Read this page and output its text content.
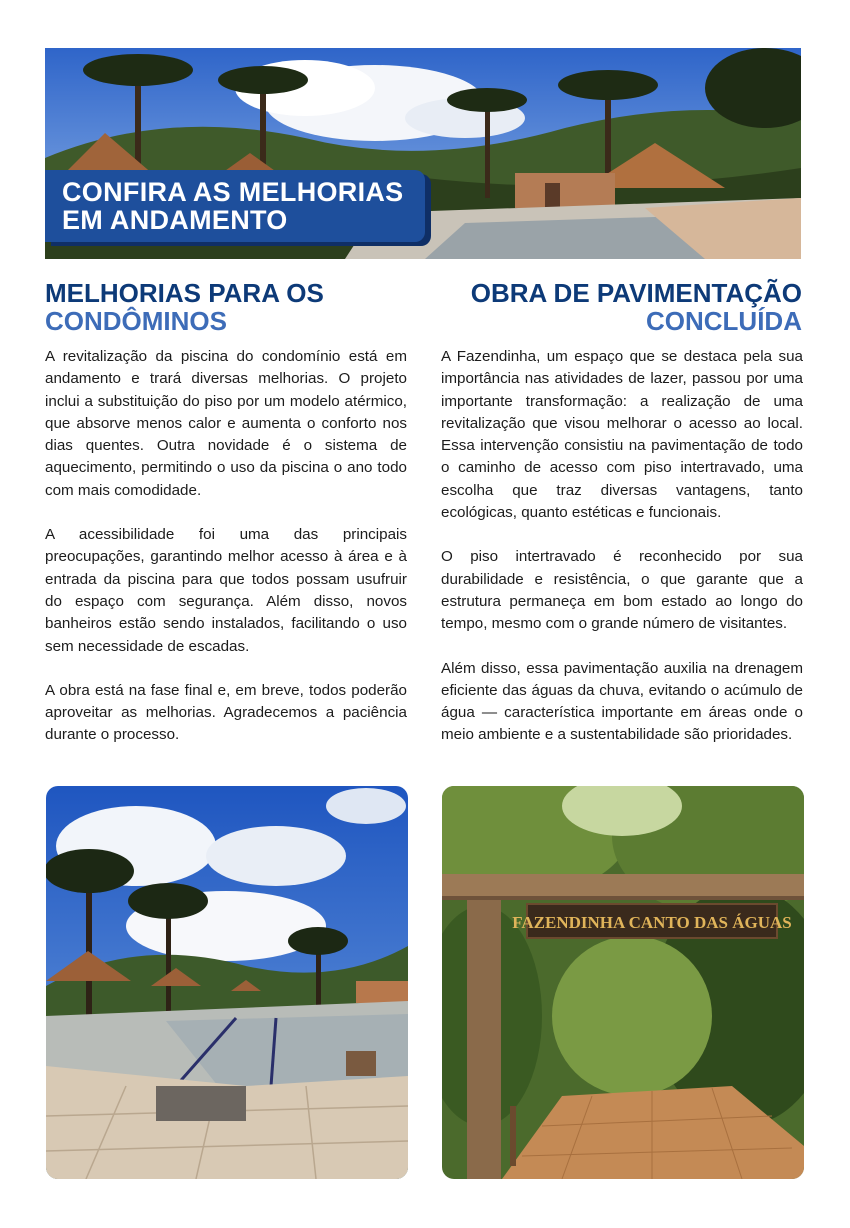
CONFIRA AS MELHORIAS
EM ANDAMENTO
MELHORIAS PARA OS
CONDÔMINOS
OBRA DE PAVIMENTAÇÃO
CONCLUÍDA

A revitalização da piscina do condomínio está em andamento e trará diversas melhorias. O projeto inclui a substituição do piso por um modelo atérmico, que absorve menos calor e aumenta o conforto nos dias quentes. Outra novidade é o sistema de aquecimento, permitindo o uso da piscina o ano todo com mais comodidade.

A acessibilidade foi uma das principais preocupações, garantindo melhor acesso à área e à entrada da piscina para que todos possam usufruir do espaço com segurança. Além disso, novos banheiros estão sendo instalados, facilitando o uso sem necessidade de escadas.

A obra está na fase final e, em breve, todos poderão aproveitar as melhorias. Agradecemos a paciência durante o processo.

A Fazendinha, um espaço que se destaca pela sua importância nas atividades de lazer, passou por uma importante transformação: a realização de uma revitalização que visou melhorar o acesso ao local. Essa intervenção consistiu na pavimentação de todo o caminho de acesso com piso intertravado, uma escolha que traz diversas vantagens, tanto ecológicas, quanto estéticas e funcionais.

O piso intertravado é reconhecido por sua durabilidade e resistência, o que garante que a estrutura permaneça em bom estado ao longo do tempo, mesmo com o grande número de visitantes.

Além disso, essa pavimentação auxilia na drenagem eficiente das águas da chuva, evitando o acúmulo de água — característica importante em áreas onde o meio ambiente e a sustentabilidade são prioridades.

FAZENDINHA CANTO DAS ÁGUAS
